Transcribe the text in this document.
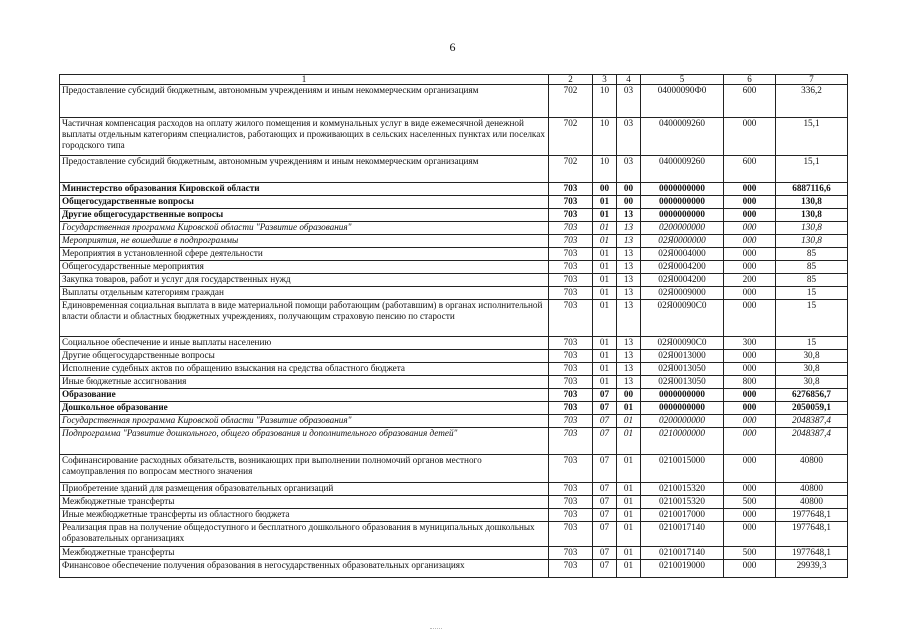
6
1	2	3	4	5	6	7
Предоставление субсидий бюджетным, автономным учреждениям и иным некоммерческим организациям	702	10	03	04000090Ф0	600	336,2
Частичная компенсация расходов на оплату жилого помещения и коммунальных услуг в виде ежемесячной денежной выплаты отдельным категориям специалистов, работающих и проживающих в сельских населенных пунктах или поселках городского типа	702	10	03	0400009260	000	15,1
Предоставление субсидий бюджетным, автономным учреждениям и иным некоммерческим организациям	702	10	03	0400009260	600	15,1
Министерство образования Кировской области	703	00	00	0000000000	000	6887116,6
Общегосударственные вопросы	703	01	00	0000000000	000	130,8
Другие общегосударственные вопросы	703	01	13	0000000000	000	130,8
Государственная программа Кировской области "Развитие образования"	703	01	13	0200000000	000	130,8
Мероприятия, не вошедшие в подпрограммы	703	01	13	02Я0000000	000	130,8
Мероприятия в установленной сфере деятельности	703	01	13	02Я0004000	000	85
Общегосударственные мероприятия	703	01	13	02Я0004200	000	85
Закупка товаров, работ и услуг для государственных нужд	703	01	13	02Я0004200	200	85
Выплаты отдельным категориям граждан	703	01	13	02Я0009000	000	15
Единовременная социальная выплата в виде материальной помощи работающим (работавшим) в органах исполнительной власти области и областных бюджетных учреждениях, получающим страховую пенсию по старости	703	01	13	02Я00090С0	000	15
Социальное обеспечение и иные выплаты населению	703	01	13	02Я00090С0	300	15
Другие общегосударственные вопросы	703	01	13	02Я0013000	000	30,8
Исполнение судебных актов по обращению взыскания на средства областного бюджета	703	01	13	02Я0013050	000	30,8
Иные бюджетные ассигнования	703	01	13	02Я0013050	800	30,8
Образование	703	07	00	0000000000	000	6276856,7
Дошкольное образование	703	07	01	0000000000	000	2050059,1
Государственная программа Кировской области "Развитие образования"	703	07	01	0200000000	000	2048387,4
Подпрограмма "Развитие дошкольного, общего образования и дополнительного образования детей"	703	07	01	0210000000	000	2048387,4
Софинансирование расходных обязательств, возникающих при выполнении полномочий органов местного самоуправления по вопросам местного значения	703	07	01	0210015000	000	40800
Приобретение зданий для размещения образовательных организаций	703	07	01	0210015320	000	40800
Межбюджетные трансферты	703	07	01	0210015320	500	40800
Иные межбюджетные трансферты из областного бюджета	703	07	01	0210017000	000	1977648,1
Реализация прав на получение общедоступного и бесплатного дошкольного образования в муниципальных дошкольных образовательных организациях	703	07	01	0210017140	000	1977648,1
Межбюджетные трансферты	703	07	01	0210017140	500	1977648,1
Финансовое обеспечение получения образования в негосударственных образовательных организациях	703	07	01	0210019000	000	29939,3
